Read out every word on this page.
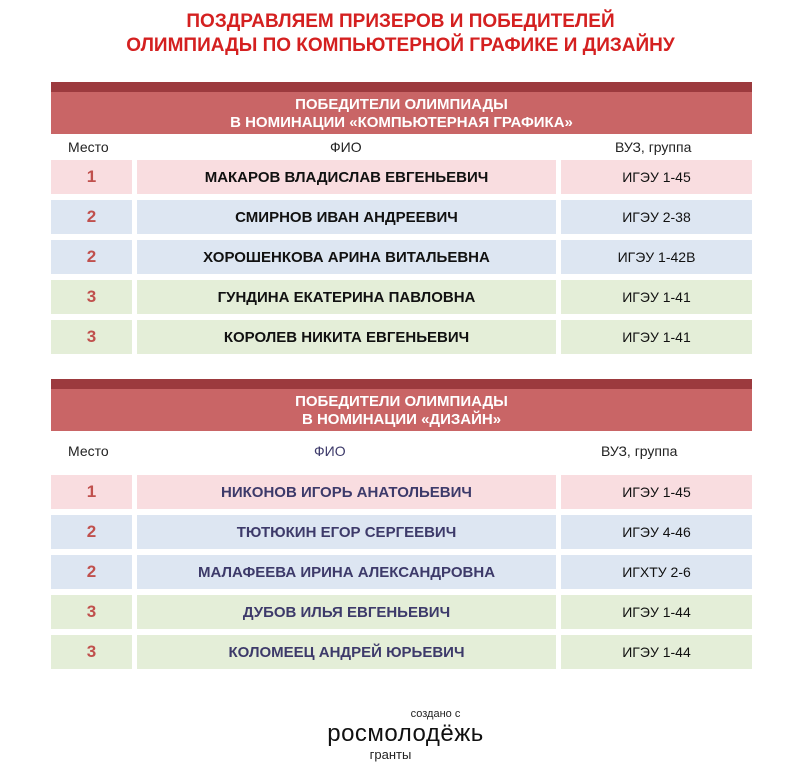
ПОЗДРАВЛЯЕМ ПРИЗЕРОВ И ПОБЕДИТЕЛЕЙ
ОЛИМПИАДЫ ПО КОМПЬЮТЕРНОЙ ГРАФИКЕ И ДИЗАЙНУ
ПОБЕДИТЕЛИ ОЛИМПИАДЫ
В НОМИНАЦИИ «КОМПЬЮТЕРНАЯ ГРАФИКА»
Место	ФИО	ВУЗ, группа
1	МАКАРОВ ВЛАДИСЛАВ ЕВГЕНЬЕВИЧ	ИГЭУ 1-45
2	СМИРНОВ ИВАН АНДРЕЕВИЧ	ИГЭУ 2-38
2	ХОРОШЕНКОВА АРИНА ВИТАЛЬЕВНА	ИГЭУ 1-42В
3	ГУНДИНА ЕКАТЕРИНА ПАВЛОВНА	ИГЭУ 1-41
3	КОРОЛЕВ НИКИТА ЕВГЕНЬЕВИЧ	ИГЭУ 1-41
ПОБЕДИТЕЛИ ОЛИМПИАДЫ
В НОМИНАЦИИ «ДИЗАЙН»
Место	ФИО	ВУЗ, группа
1	НИКОНОВ ИГОРЬ АНАТОЛЬЕВИЧ	ИГЭУ 1-45
2	ТЮТЮКИН ЕГОР СЕРГЕЕВИЧ	ИГЭУ 4-46
2	МАЛАФЕЕВА ИРИНА АЛЕКСАНДРОВНА	ИГХТУ 2-6
3	ДУБОВ ИЛЬЯ ЕВГЕНЬЕВИЧ	ИГЭУ 1-44
3	КОЛОМЕЕЦ АНДРЕЙ ЮРЬЕВИЧ	ИГЭУ 1-44
создано с
росмолодёжь
гранты
